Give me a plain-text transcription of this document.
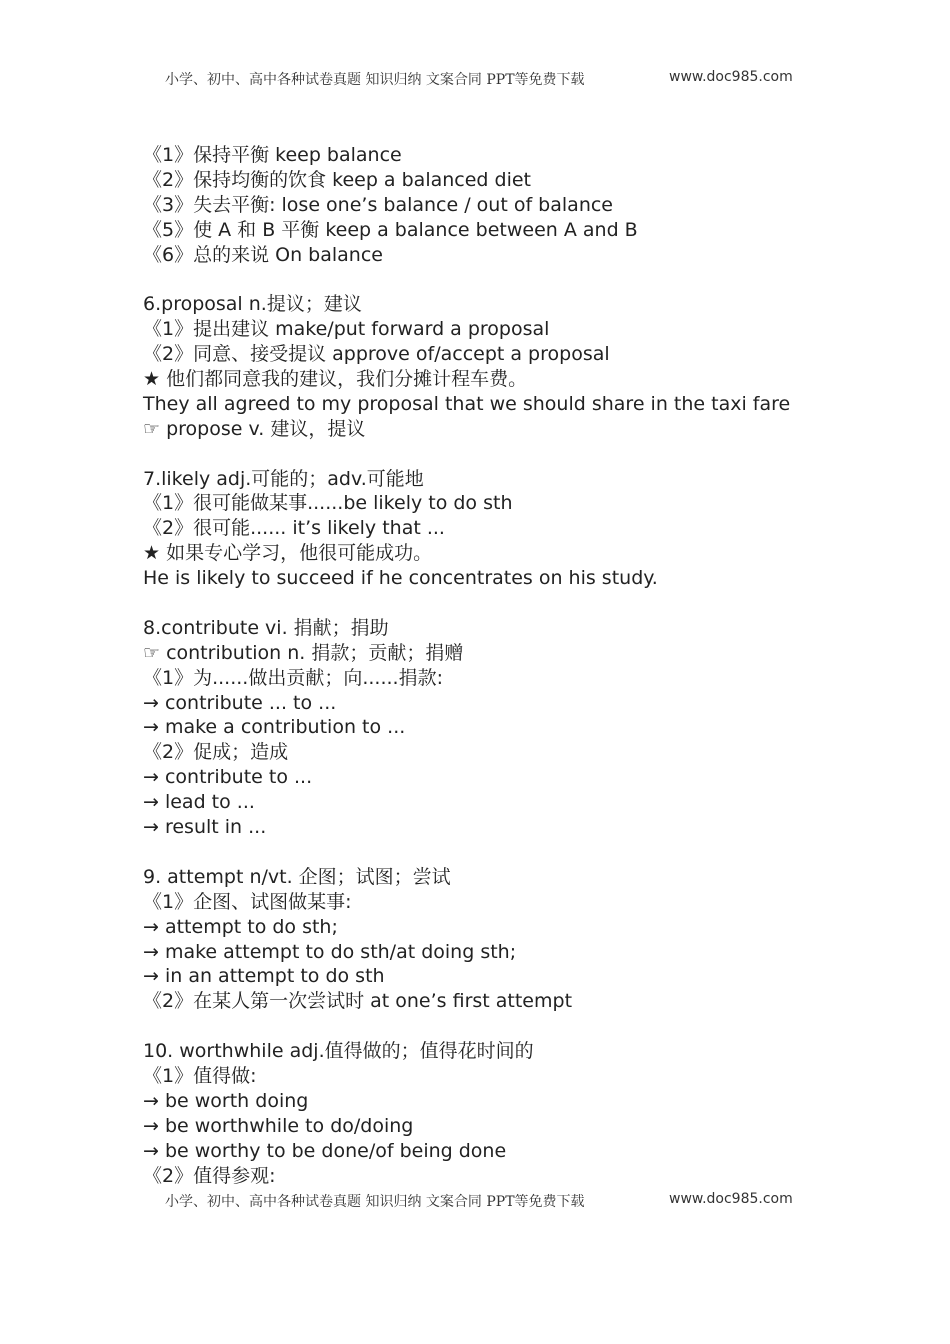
小学、初中、高中各种试卷真题 知识归纳 文案合同 PPT等免费下载	www.doc985.com
《1》保持平衡 keep balance
《2》保持均衡的饮食 keep a balanced diet
《3》失去平衡: lose one’s balance / out of balance
《5》使 A 和 B 平衡 keep a balance between A and B
《6》总的来说 On balance
6.proposal n.提议；建议
《1》提出建议 make/put forward a proposal
《2》同意、接受提议 approve of/accept a proposal
★ 他们都同意我的建议，我们分摊计程车费。
They all agreed to my proposal that we should share in the taxi fare
☞ propose v. 建议，提议
7.likely adj.可能的；adv.可能地
《1》很可能做某事......be likely to do sth
《2》很可能...... it’s likely that ...
★ 如果专心学习，他很可能成功。
He is likely to succeed if he concentrates on his study.
8.contribute vi. 捐献；捐助
☞ contribution n. 捐款；贡献；捐赠
《1》为......做出贡献；向......捐款:
→ contribute ... to ...
→ make a contribution to ...
《2》促成；造成
→ contribute to ...
→ lead to ...
→ result in ...
9. attempt n/vt. 企图；试图；尝试
《1》企图、试图做某事:
→ attempt to do sth;
→ make attempt to do sth/at doing sth;
→ in an attempt to do sth
《2》在某人第一次尝试时 at one’s first attempt
10. worthwhile adj.值得做的；值得花时间的
《1》值得做:
→ be worth doing
→ be worthwhile to do/doing
→ be worthy to be done/of being done
《2》值得参观:
小学、初中、高中各种试卷真题 知识归纳 文案合同 PPT等免费下载	www.doc985.com
